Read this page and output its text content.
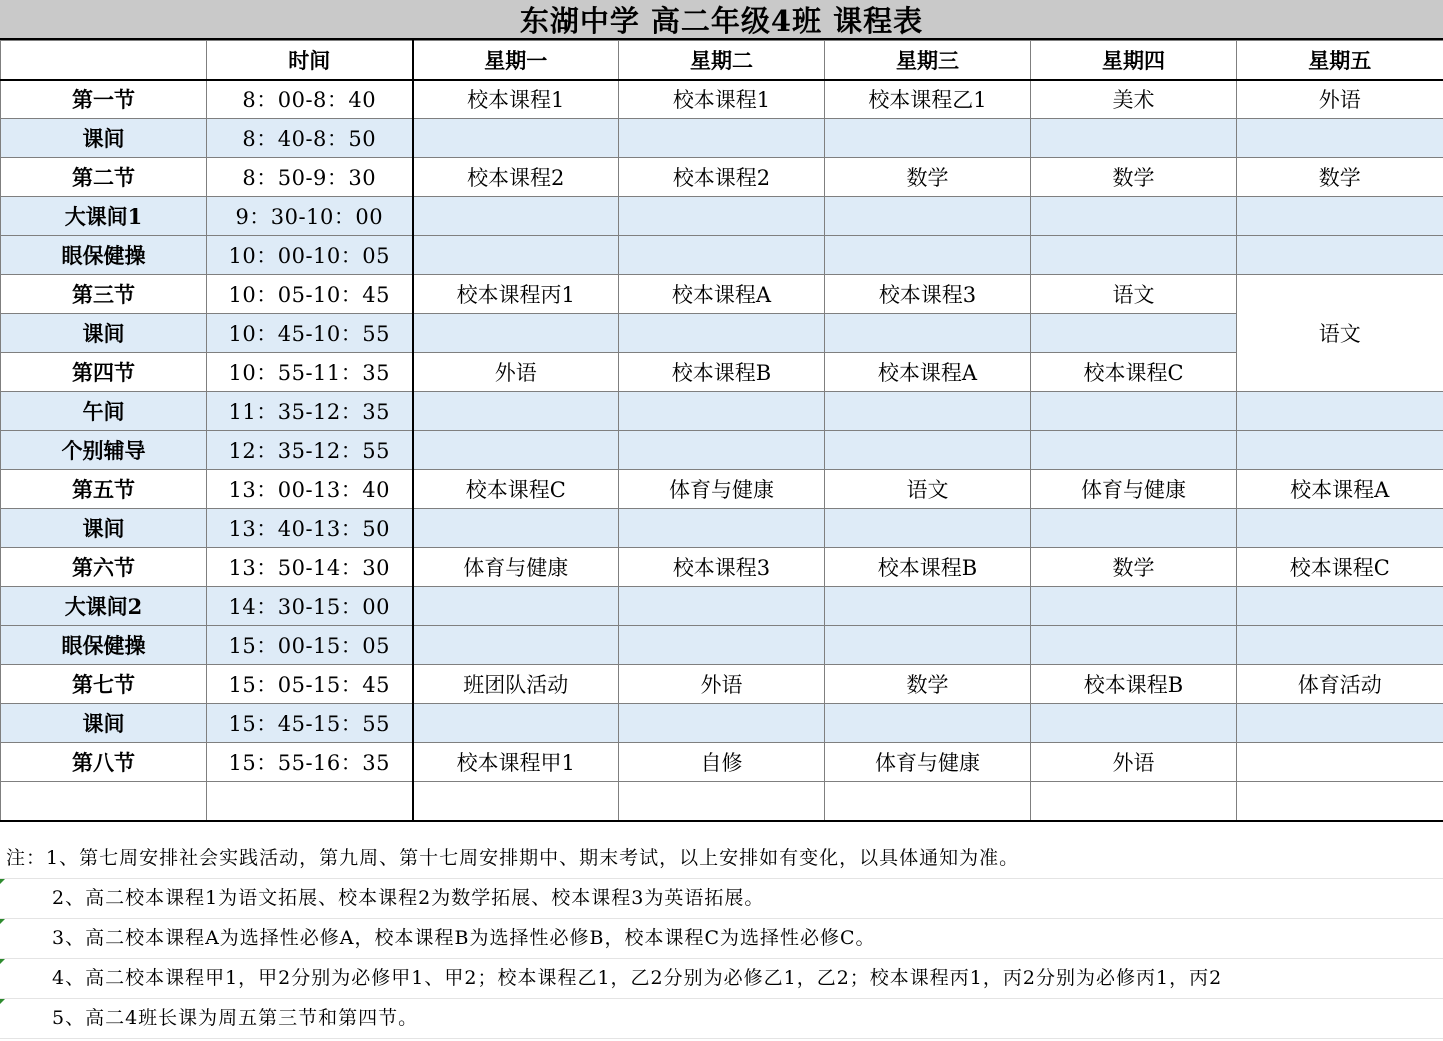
东湖中学 高二年级4班 课程表
	时间	星期一	星期二	星期三	星期四	星期五
第一节	8：00-8：40	校本课程1	校本课程1	校本课程乙1	美术	外语
课间	8：40-8：50					
第二节	8：50-9：30	校本课程2	校本课程2	数学	数学	数学
大课间1	9：30-10：00					
眼保健操	10：00-10：05					
第三节	10：05-10：45	校本课程丙1	校本课程A	校本课程3	语文	语文
课间	10：45-10：55					
第四节	10：55-11：35	外语	校本课程B	校本课程A	校本课程C	
午间	11：35-12：35					
个别辅导	12：35-12：55					
第五节	13：00-13：40	校本课程C	体育与健康	语文	体育与健康	校本课程A
课间	13：40-13：50					
第六节	13：50-14：30	体育与健康	校本课程3	校本课程B	数学	校本课程C
大课间2	14：30-15：00					
眼保健操	15：00-15：05					
第七节	15：05-15：45	班团队活动	外语	数学	校本课程B	体育活动
课间	15：45-15：55					
第八节	15：55-16：35	校本课程甲1	自修	体育与健康	外语	

注：1、第七周安排社会实践活动，第九周、第十七周安排期中、期末考试，以上安排如有变化，以具体通知为准。
2、高二校本课程1为语文拓展、校本课程2为数学拓展、校本课程3为英语拓展。
3、高二校本课程A为选择性必修A，校本课程B为选择性必修B，校本课程C为选择性必修C。
4、高二校本课程甲1，甲2分别为必修甲1、甲2；校本课程乙1，乙2分别为必修乙1，乙2；校本课程丙1，丙2分别为必修丙1，丙2
5、高二4班长课为周五第三节和第四节。
